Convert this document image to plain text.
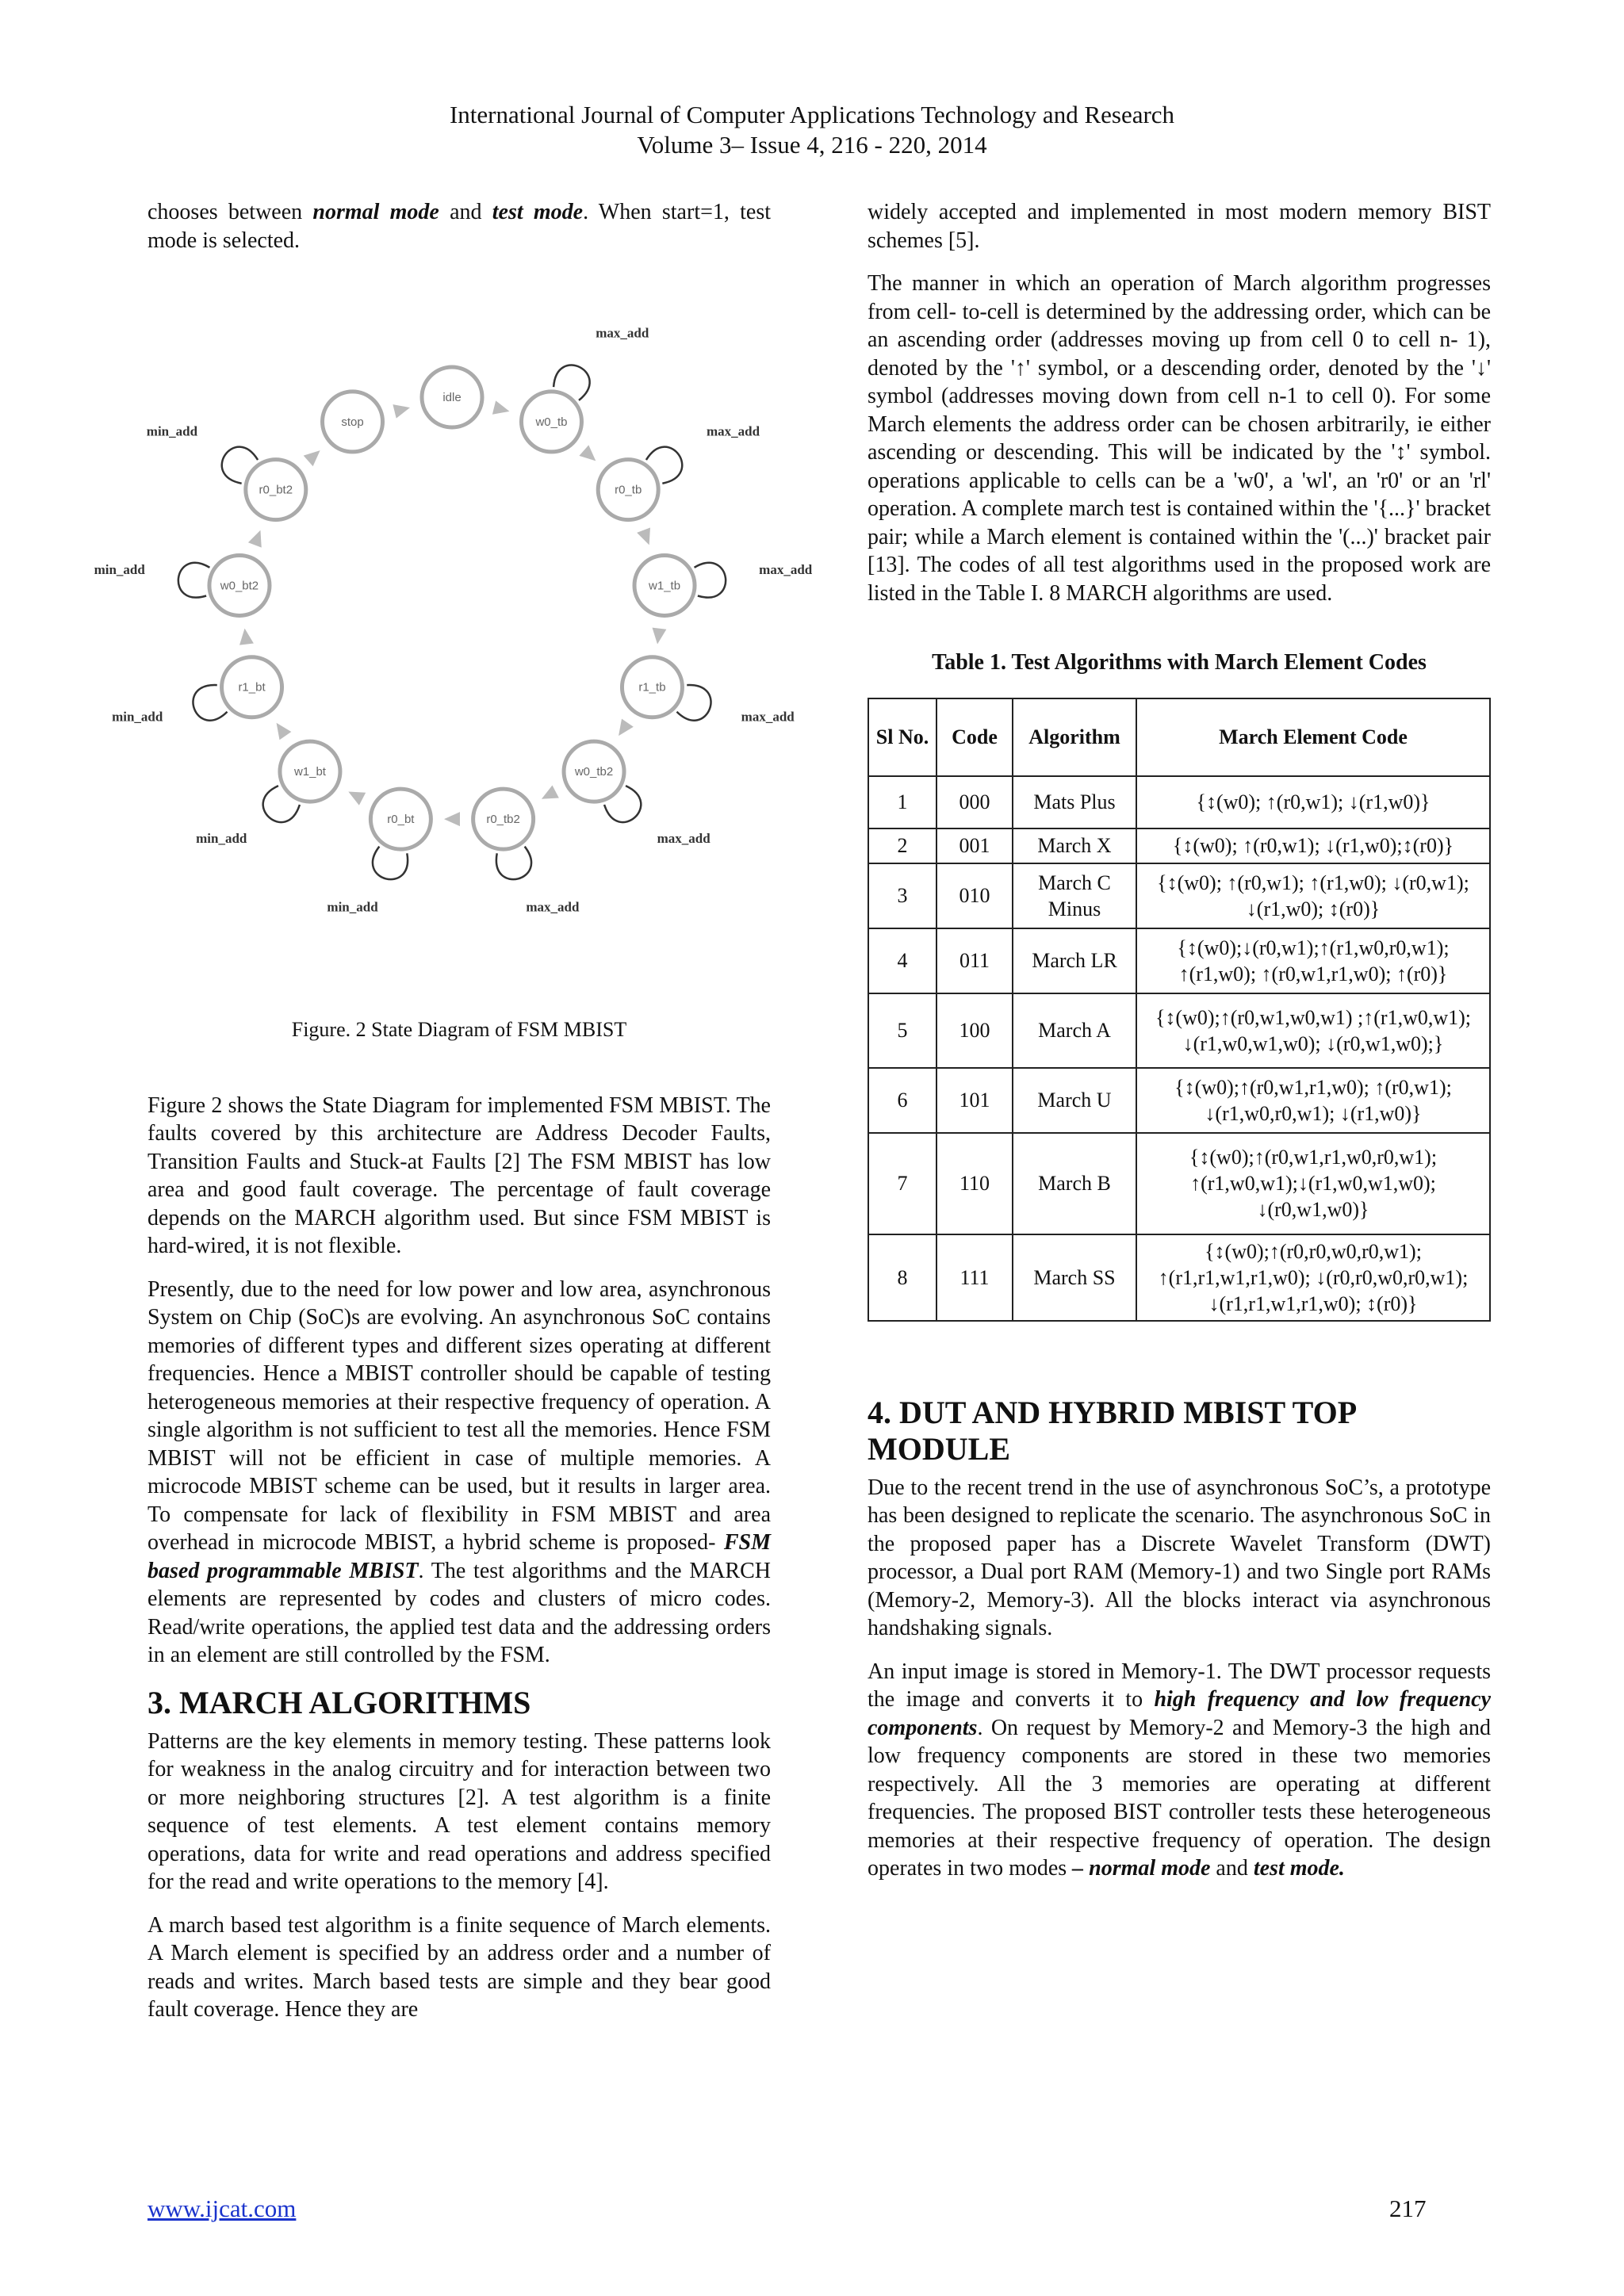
International Journal of Computer Applications Technology and Research
Volume 3– Issue 4, 216 - 220, 2014

chooses between normal mode and test mode. When start=1, test mode is selected.

idle
w0_tb
r0_tb
w1_tb
r1_tb
w0_tb2
r0_tb2
r0_bt
w1_bt
r1_bt
w0_bt2
r0_bt2
stop
max_add
max_add
max_add
max_add
max_add
max_add
min_add
min_add
min_add
min_add
min_add
Figure. 2 State Diagram of FSM MBIST

Figure 2 shows the State Diagram for implemented FSM MBIST. The faults covered by this architecture are Address Decoder Faults, Transition Faults and Stuck-at Faults [2] The FSM MBIST has low area and good fault coverage. The percentage of fault coverage depends on the MARCH algorithm used. But since FSM MBIST is hard-wired, it is not flexible.

Presently, due to the need for low power and low area, asynchronous System on Chip (SoC)s are evolving. An asynchronous SoC contains memories of different types and different sizes operating at different frequencies. Hence a MBIST controller should be capable of testing heterogeneous memories at their respective frequency of operation. A single algorithm is not sufficient to test all the memories. Hence FSM MBIST will not be efficient in case of multiple memories. A microcode MBIST scheme can be used, but it results in larger area. To compensate for lack of flexibility in FSM MBIST and area overhead in microcode MBIST, a hybrid scheme is proposed- FSM based programmable MBIST. The test algorithms and the MARCH elements are represented by codes and clusters of micro codes. Read/write operations, the applied test data and the addressing orders in an element are still controlled by the FSM.

3. MARCH ALGORITHMS

Patterns are the key elements in memory testing. These patterns look for weakness in the analog circuitry and for interaction between two or more neighboring structures [2]. A test algorithm is a finite sequence of test elements. A test element contains memory operations, data for write and read operations and address specified for the read and write operations to the memory [4].

A march based test algorithm is a finite sequence of March elements. A March element is specified by an address order and a number of reads and writes. March based tests are simple and they bear good fault coverage. Hence they are

widely accepted and implemented in most modern memory BIST schemes [5].

The manner in which an operation of March algorithm progresses from cell- to-cell is determined by the addressing order, which can be an ascending order (addresses moving up from cell 0 to cell n- 1), denoted by the '↑' symbol, or a descending order, denoted by the '↓' symbol (addresses moving down from cell n-1 to cell 0). For some March elements the address order can be chosen arbitrarily, ie either ascending or descending. This will be indicated by the '↕' symbol. operations applicable to cells can be a 'w0', a 'wl', an 'r0' or an 'rl' operation. A complete march test is contained within the '{...}' bracket pair; while a March element is contained within the '(...)' bracket pair [13]. The codes of all test algorithms used in the proposed work are listed in the Table I. 8 MARCH algorithms are used.

Table 1. Test Algorithms with March Element Codes
Sl No.	Code	Algorithm	March Element Code
1	000	Mats Plus	{↕(w0); ↑(r0,w1); ↓(r1,w0)}
2	001	March X	{↕(w0); ↑(r0,w1); ↓(r1,w0);↕(r0)}
3	010	March C Minus	{↕(w0); ↑(r0,w1); ↑(r1,w0); ↓(r0,w1); ↓(r1,w0); ↕(r0)}
4	011	March LR	{↕(w0);↓(r0,w1);↑(r1,w0,r0,w1); ↑(r1,w0); ↑(r0,w1,r1,w0); ↑(r0)}
5	100	March A	{↕(w0);↑(r0,w1,w0,w1) ;↑(r1,w0,w1); ↓(r1,w0,w1,w0); ↓(r0,w1,w0);}
6	101	March U	{↕(w0);↑(r0,w1,r1,w0); ↑(r0,w1); ↓(r1,w0,r0,w1); ↓(r1,w0)}
7	110	March B	{↕(w0);↑(r0,w1,r1,w0,r0,w1); ↑(r1,w0,w1);↓(r1,w0,w1,w0); ↓(r0,w1,w0)}
8	111	March SS	{↕(w0);↑(r0,r0,w0,r0,w1); ↑(r1,r1,w1,r1,w0); ↓(r0,r0,w0,r0,w1); ↓(r1,r1,w1,r1,w0); ↕(r0)}
4. DUT AND HYBRID MBIST TOP MODULE

Due to the recent trend in the use of asynchronous SoC’s, a prototype has been designed to replicate the scenario. The asynchronous SoC in the proposed paper has a Discrete Wavelet Transform (DWT) processor, a Dual port RAM (Memory-1) and two Single port RAMs (Memory-2, Memory-3). All the blocks interact via asynchronous handshaking signals.

An input image is stored in Memory-1. The DWT processor requests the image and converts it to high frequency and low frequency components. On request by Memory-2 and Memory-3 the high and low frequency components are stored in these two memories respectively. All the 3 memories are operating at different frequencies. The proposed BIST controller tests these heterogeneous memories at their respective frequency of operation. The design operates in two modes – normal mode and test mode.

www.ijcat.com	217
